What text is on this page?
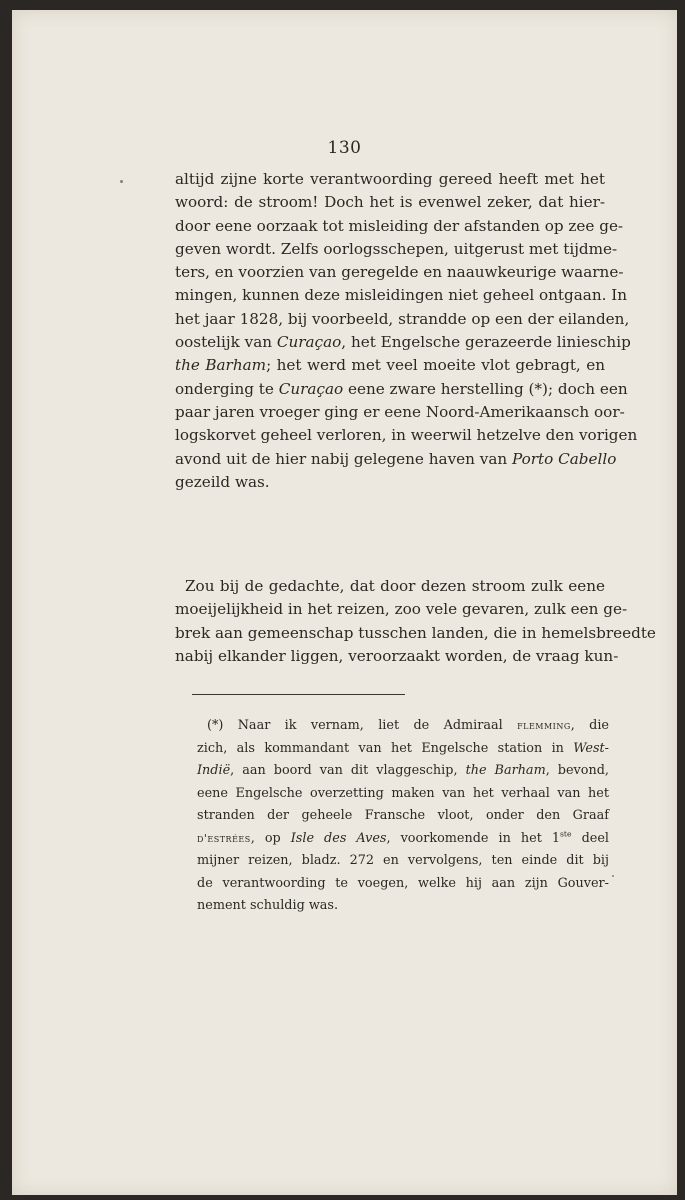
130
altijd zijne korte verantwoording gereed heeft met het
woord: de stroom! Doch het is evenwel zeker, dat hier-
door eene oorzaak tot misleiding der afstanden op zee ge-
geven wordt. Zelfs oorlogsschepen, uitgerust met tijdme-
ters, en voorzien van geregelde en naauwkeurige waarne-
mingen, kunnen deze misleidingen niet geheel ontgaan. In
het jaar 1828, bij voorbeeld, strandde op een der eilanden,
oostelijk van Curaçao, het Engelsche gerazeerde linieschip
the Barham; het werd met veel moeite vlot gebragt, en
onderging te Curaçao eene zware herstelling (*); doch een
paar jaren vroeger ging er eene Noord-Amerikaansch oor-
logskorvet geheel verloren, in weerwil hetzelve den vorigen
avond uit de hier nabij gelegene haven van Porto Cabello
gezeild was.
Zou bij de gedachte, dat door dezen stroom zulk eene
moeijelijkheid in het reizen, zoo vele gevaren, zulk een ge-
brek aan gemeenschap tusschen landen, die in hemelsbreedte
nabij elkander liggen, veroorzaakt worden, de vraag kun-
(*) Naar ik vernam, liet de Admiraal flemming, die
zich, als kommandant van het Engelsche station in West-
Indië, aan boord van dit vlaggeschip, the Barham, bevond,
eene Engelsche overzetting maken van het verhaal van het
stranden der geheele Fransche vloot, onder den Graaf
d'estrées, op Isle des Aves, voorkomende in het 1ste deel
mijner reizen, bladz. 272 en vervolgens, ten einde dit bij
de verantwoording te voegen, welke hij aan zijn Gouver-
nement schuldig was.
